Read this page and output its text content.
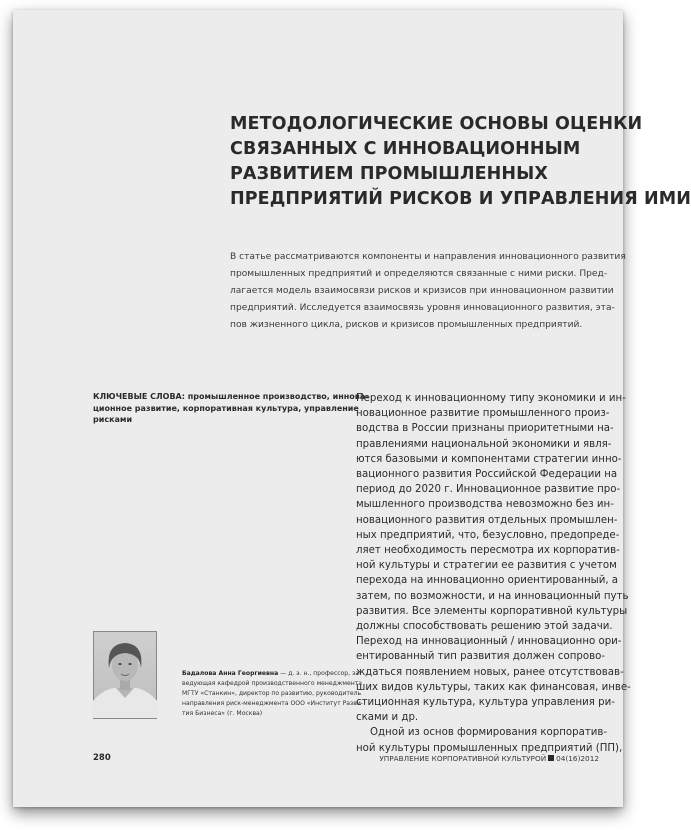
МЕТОДОЛОГИЧЕСКИЕ ОСНОВЫ ОЦЕНКИ
СВЯЗАННЫХ С ИННОВАЦИОННЫМ
РАЗВИТИЕМ ПРОМЫШЛЕННЫХ
ПРЕДПРИЯТИЙ РИСКОВ И УПРАВЛЕНИЯ ИМИ
В статье рассматриваются компоненты и направления инновационного развития
промышленных предприятий и определяются связанные с ними риски. Пред-
лагается модель взаимосвязи рисков и кризисов при инновационном развитии
предприятий. Исследуется взаимосвязь уровня инновационного развития, эта-
пов жизненного цикла, рисков и кризисов промышленных предприятий.
КЛЮЧЕВЫЕ СЛОВА: промышленное производство, иннова-
ционное развитие, корпоративная культура, управление
рисками
Переход к инновационному типу экономики и ин-
новационное развитие промышленного произ-
водства в России признаны приоритетными на-
правлениями национальной экономики и явля-
ются базовыми и компонентами стратегии инно-
вационного развития Российской Федерации на
период до 2020 г. Инновационное развитие про-
мышленного производства невозможно без ин-
новационного развития отдельных промышлен-
ных предприятий, что, безусловно, предопреде-
ляет необходимость пересмотра их корпоратив-
ной культуры и стратегии ее развития с учетом
перехода на инновационно ориентированный, а
затем, по возможности, и на инновационный путь
развития. Все элементы корпоративной культуры
должны способствовать решению этой задачи.
Переход на инновационный / инновационно ори-
ентированный тип развития должен сопрово-
ждаться появлением новых, ранее отсутствовав-
ших видов культуры, таких как финансовая, инве-
стиционная культура, культура управления ри-
сками и др.
Одной из основ формирования корпоратив-
ной культуры промышленных предприятий (ПП),
Бадалова Анна Георгиевна — д. э. н., профессор, за-
ведующая кафедрой производственного менеджмента
МГТУ «Станкин», директор по развитию, руководитель
направления риск-менеджмента ООО «Институт Разви-
тия Бизнеса» (г. Москва)
280	УПРАВЛЕНИЕ КОРПОРАТИВНОЙ КУЛЬТУРОЙ 04(16)2012
